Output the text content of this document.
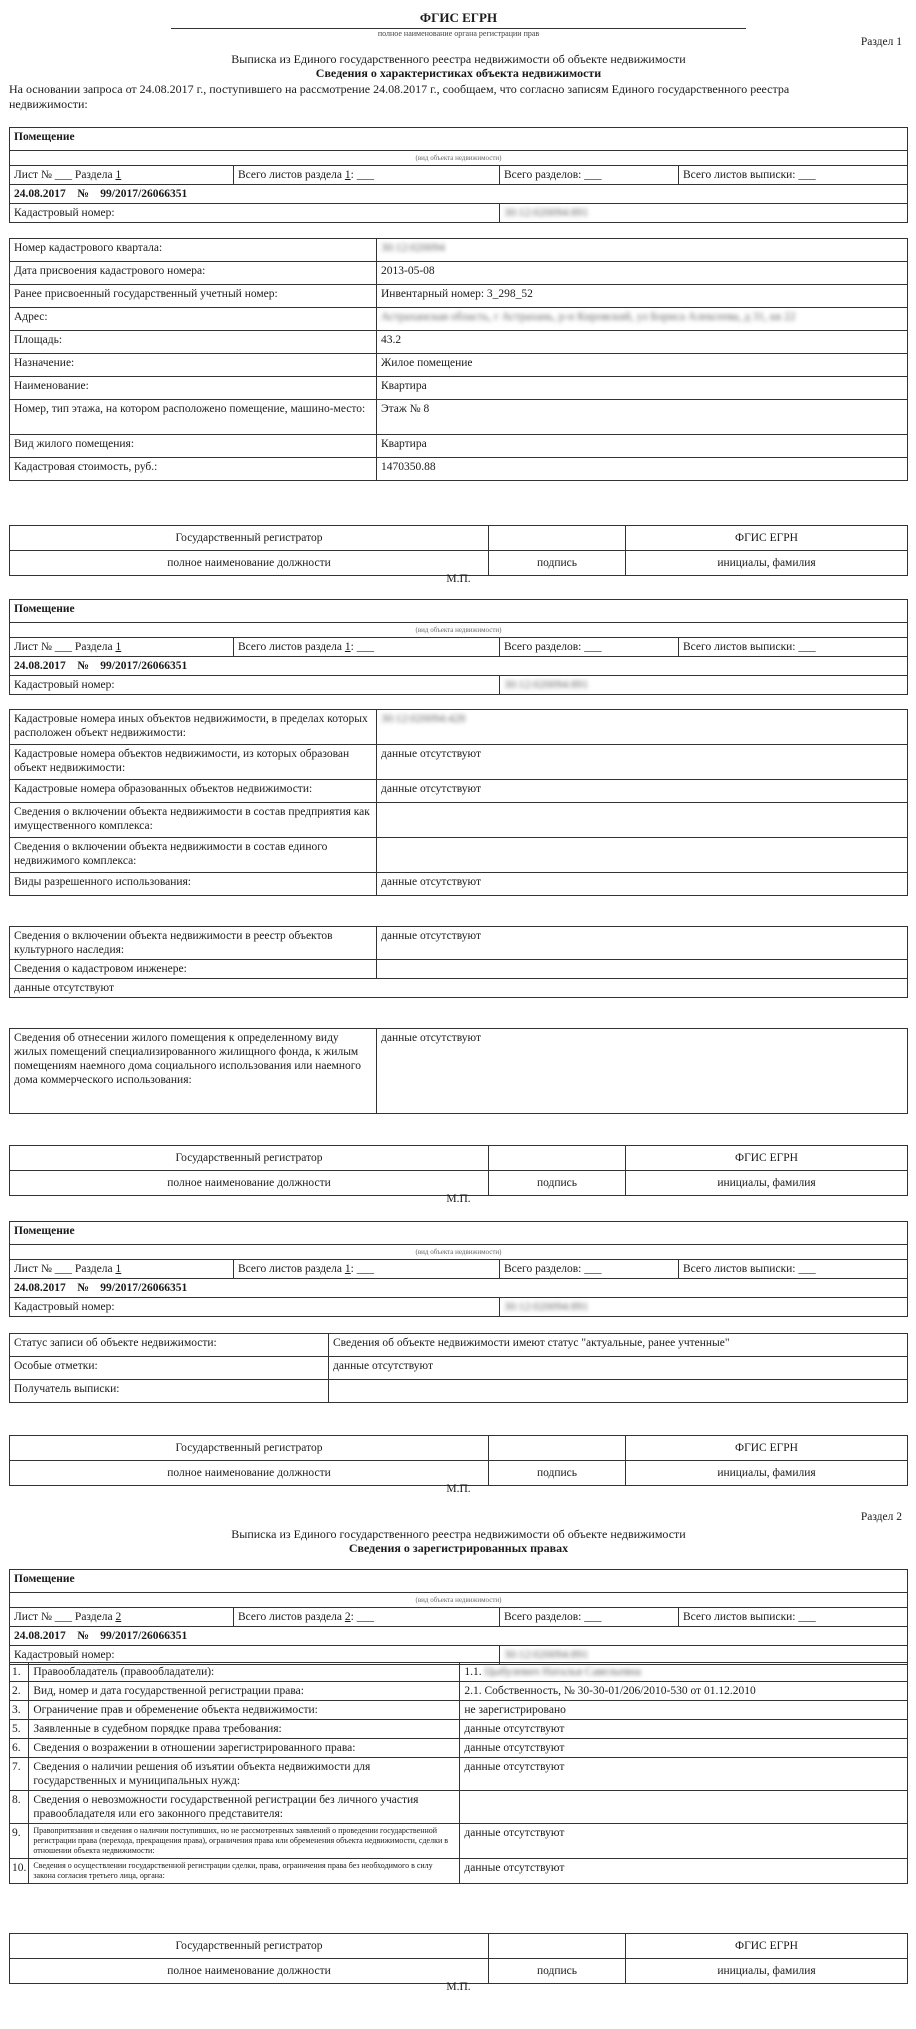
ФГИС ЕГРН
полное наименование органа регистрации прав
Раздел 1
Выписка из Единого государственного реестра недвижимости об объекте недвижимости
Сведения о характеристиках объекта недвижимости
На основании запроса от 24.08.2017 г., поступившего на рассмотрение 24.08.2017 г., сообщаем, что согласно записям Единого государственного реестра недвижимости:
Помещение			
(вид объекта недвижимости)			
Лист № ___ Раздела 1	Всего листов раздела 1: ___	Всего разделов: ___	Всего листов выписки: ___
24.08.2017    №    99/2017/26066351			
Кадастровый номер:		30:12:020094:891	
Номер кадастрового квартала:	30:12:020094
Дата присвоения кадастрового номера:	2013-05-08
Ранее присвоенный государственный учетный номер:	Инвентарный номер: 3_298_52
Адрес:	Астраханская область, г Астрахань, р-н Кировский, ул Бориса Алексеева, д 31, кв 22
Площадь:	43.2
Назначение:	Жилое помещение
Наименование:	Квартира
Номер, тип этажа, на котором расположено помещение, машино-место:	Этаж № 8
Вид жилого помещения:	Квартира
Кадастровая стоимость, руб.:	1470350.88
Государственный регистратор		ФГИС ЕГРН
полное наименование должности	подпись	инициалы, фамилия
М.П.
Помещение			
(вид объекта недвижимости)			
Лист № ___ Раздела 1	Всего листов раздела 1: ___	Всего разделов: ___	Всего листов выписки: ___
24.08.2017    №    99/2017/26066351			
Кадастровый номер:		30:12:020094:891	
Кадастровые номера иных объектов недвижимости, в пределах которых расположен объект недвижимости:	30:12:020094:428
Кадастровые номера объектов недвижимости, из которых образован объект недвижимости:	данные отсутствуют
Кадастровые номера образованных объектов недвижимости:	данные отсутствуют
Сведения о включении объекта недвижимости в состав предприятия как имущественного комплекса:	
Сведения о включении объекта недвижимости в состав единого недвижимого комплекса:	
Виды разрешенного использования:	данные отсутствуют
Сведения о включении объекта недвижимости в реестр объектов культурного наследия:	данные отсутствуют
Сведения о кадастровом инженере:	
данные отсутствуют	
Сведения об отнесении жилого помещения к определенному виду жилых помещений специализированного жилищного фонда, к жилым помещениям наемного дома социального использования или наемного дома коммерческого использования:	данные отсутствуют
Государственный регистратор		ФГИС ЕГРН
полное наименование должности	подпись	инициалы, фамилия
М.П.
Помещение			
(вид объекта недвижимости)			
Лист № ___ Раздела 1	Всего листов раздела 1: ___	Всего разделов: ___	Всего листов выписки: ___
24.08.2017    №    99/2017/26066351			
Кадастровый номер:		30:12:020094:891	
Статус записи об объекте недвижимости:	Сведения об объекте недвижимости имеют статус "актуальные, ранее учтенные"
Особые отметки:	данные отсутствуют
Получатель выписки:	
Государственный регистратор		ФГИС ЕГРН
полное наименование должности	подпись	инициалы, фамилия
М.П.
Раздел 2
Выписка из Единого государственного реестра недвижимости об объекте недвижимости
Сведения о зарегистрированных правах
Помещение			
(вид объекта недвижимости)			
Лист № ___ Раздела 2	Всего листов раздела 2: ___	Всего разделов: ___	Всего листов выписки: ___
24.08.2017    №    99/2017/26066351			
Кадастровый номер:		30:12:020094:891	
1.	Правообладатель (правообладатели):	1.1. Цыбулевич Наталья Савельевна
2.	Вид, номер и дата государственной регистрации права:	2.1. Собственность, № 30-30-01/206/2010-530 от 01.12.2010
3.	Ограничение прав и обременение объекта недвижимости:	не зарегистрировано
5.	Заявленные в судебном порядке права требования:	данные отсутствуют
6.	Сведения о возражении в отношении зарегистрированного права:	данные отсутствуют
7.	Сведения о наличии решения об изъятии объекта недвижимости для государственных и муниципальных нужд:	данные отсутствуют
8.	Сведения о невозможности государственной регистрации без личного участия правообладателя или его законного представителя:	
9.	Правопритязания и сведения о наличии поступивших, но не рассмотренных заявлений о проведении государственной регистрации права (перехода, прекращения права), ограничения права или обременения объекта недвижимости, сделки в отношении объекта недвижимости:	данные отсутствуют
10.	Сведения о осуществлении государственной регистрации сделки, права, ограничения права без необходимого в силу закона согласия третьего лица, органа:	данные отсутствуют
Государственный регистратор		ФГИС ЕГРН
полное наименование должности	подпись	инициалы, фамилия
М.П.
